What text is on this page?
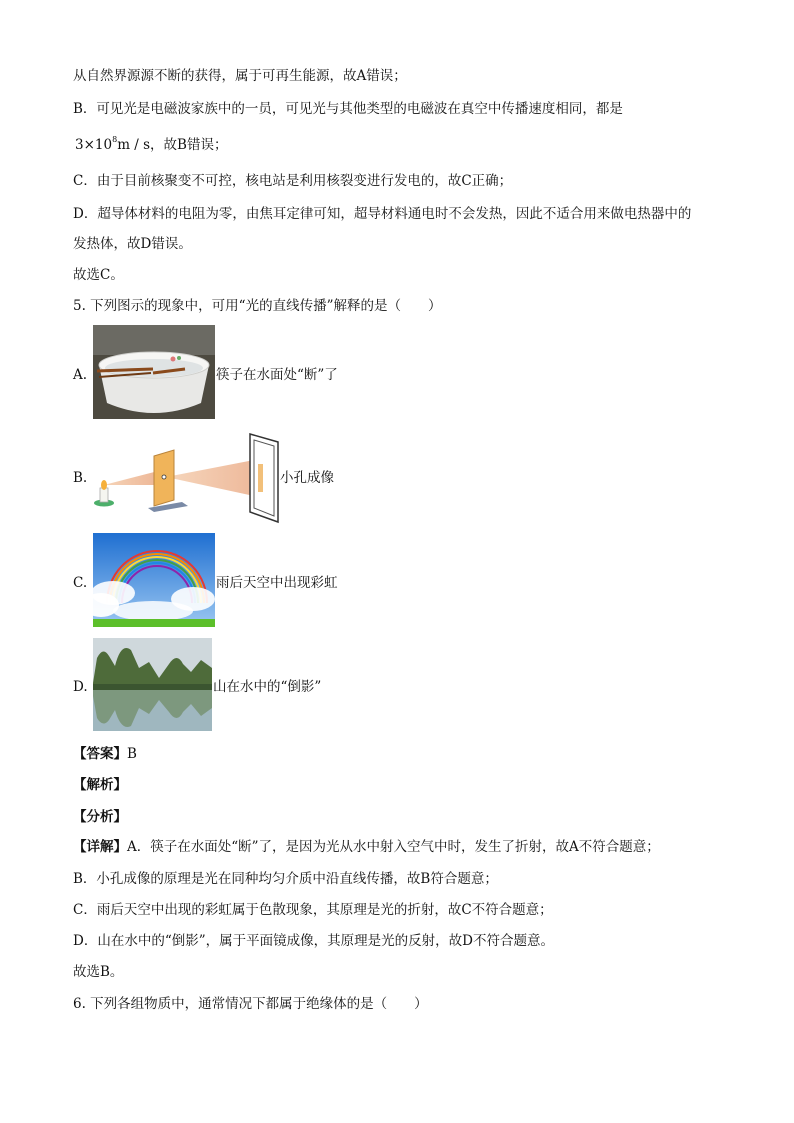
从自然界源源不断的获得，属于可再生能源，故A错误；
B．可见光是电磁波家族中的一员，可见光与其他类型的电磁波在真空中传播速度相同，都是
$3\times 10^8m / s$，故B错误；
C．由于目前核聚变不可控，核电站是利用核裂变进行发电的，故C正确；
D．超导体材料的电阻为零，由焦耳定律可知，超导材料通电时不会发热，因此不适合用来做电热器中的
发热体，故D错误。
故选C。
5. 下列图示的现象中，可用“光的直线传播”解释的是（　　）
A.	筷子在水面处“断”了
B.	小孔成像
C.	雨后天空中出现彩虹
D.	山在水中的“倒影”
【答案】B
【解析】
【分析】
【详解】A．筷子在水面处“断”了，是因为光从水中射入空气中时，发生了折射，故A不符合题意；
B．小孔成像的原理是光在同种均匀介质中沿直线传播，故B符合题意；
C．雨后天空中出现的彩虹属于色散现象，其原理是光的折射，故C不符合题意；
D．山在水中的“倒影”，属于平面镜成像，其原理是光的反射，故D不符合题意。
故选B。
6. 下列各组物质中，通常情况下都属于绝缘体的是（　　）
